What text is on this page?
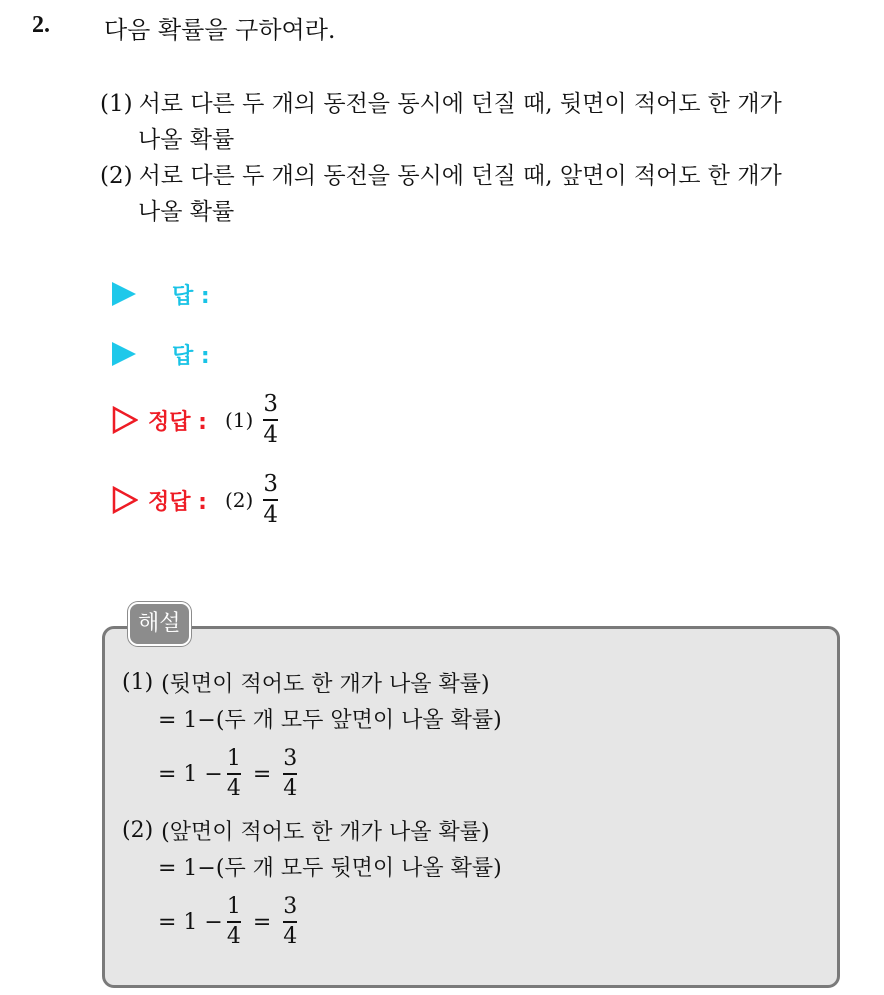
2. 다음 확률을 구하여라.
(1) 서로 다른 두 개의 동전을 동시에 던질 때, 뒷면이 적어도 한 개가
나올 확률
(2) 서로 다른 두 개의 동전을 동시에 던질 때, 앞면이 적어도 한 개가
나올 확률
답 :
답 :
정답 : $(1) \frac{3}{4}$
정답 : $(2) \frac{3}{4}$
해설
(1) (뒷면이 적어도 한 개가 나올 확률)
= 1−(두 개 모두 앞면이 나올 확률)
= $1 - \frac{1}{4} = \frac{3}{4}$
(2) (앞면이 적어도 한 개가 나올 확률)
= 1−(두 개 모두 뒷면이 나올 확률)
= $1 - \frac{1}{4} = \frac{3}{4}$
